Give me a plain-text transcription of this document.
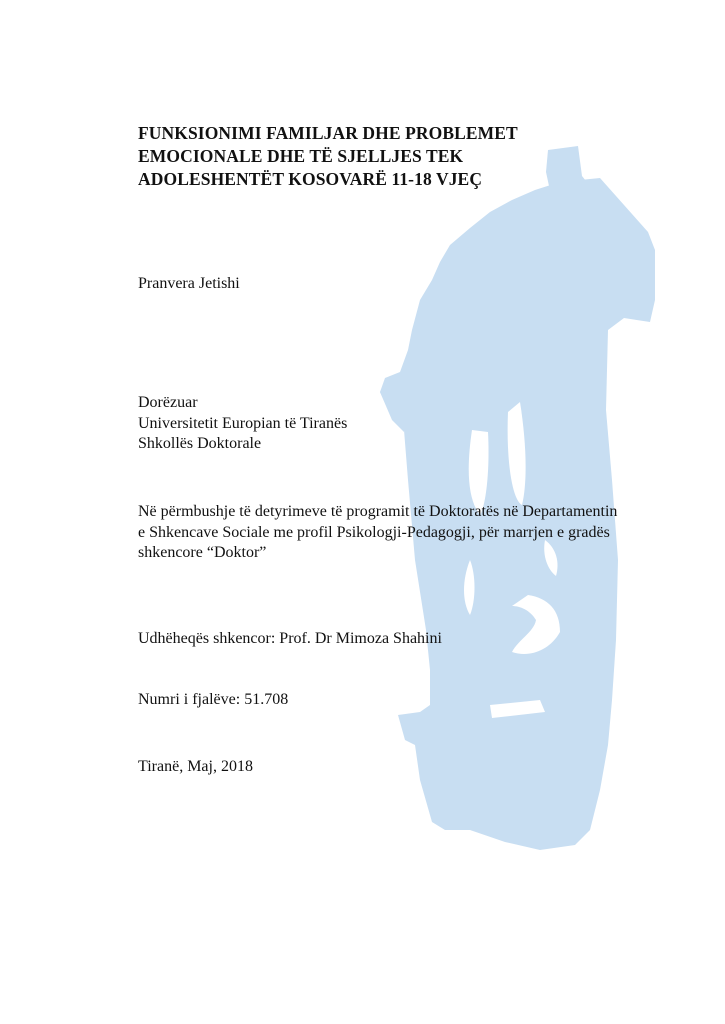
FUNKSIONIMI FAMILJAR DHE PROBLEMET
EMOCIONALE DHE TË SJELLJES TEK
ADOLESHENTËT KOSOVARË 11-18 VJEÇ
Pranvera Jetishi
Dorëzuar
Universitetit Europian të Tiranës
Shkollës Doktorale
Në përmbushje të detyrimeve të programit të Doktoratës në Departamentin
e Shkencave Sociale me profil Psikologji-Pedagogji, për marrjen e gradës
shkencore “Doktor”
Udhëheqës shkencor: Prof. Dr Mimoza Shahini
Numri i fjalëve: 51.708
Tiranë, Maj, 2018
